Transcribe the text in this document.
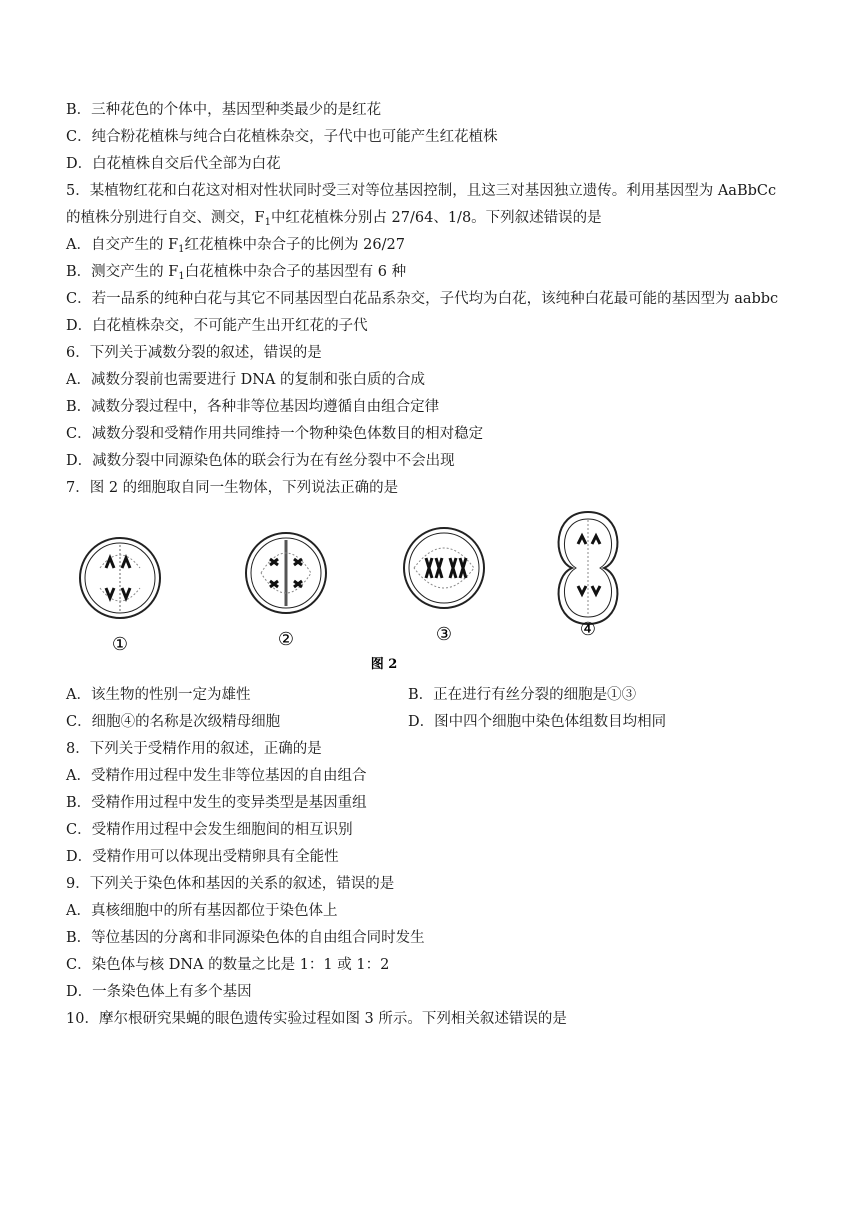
B．三种花色的个体中，基因型种类最少的是红花
C．纯合粉花植株与纯合白花植株杂交，子代中也可能产生红花植株
D．白花植株自交后代全部为白花
5．某植物红花和白花这对相对性状同时受三对等位基因控制，且这三对基因独立遗传。利用基因型为 AaBbCc
的植株分别进行自交、测交，$F_1$中红花植株分别占 27/64、1/8。下列叙述错误的是
A．自交产生的 $F_1$红花植株中杂合子的比例为 26/27
B．测交产生的 $F_1$白花植株中杂合子的基因型有 6 种
C．若一品系的纯种白花与其它不同基因型白花品系杂交，子代均为白花，该纯种白花最可能的基因型为 aabbc
D．白花植株杂交，不可能产生出开红花的子代
6．下列关于减数分裂的叙述，错误的是
A．减数分裂前也需要进行 DNA 的复制和张白质的合成
B．减数分裂过程中，各种非等位基因均遵循自由组合定律
C．减数分裂和受精作用共同维持一个物种染色体数目的相对稳定
D．减数分裂中同源染色体的联会行为在有丝分裂中不会出现
7．图 2 的细胞取自同一生物体，下列说法正确的是
①	②	③	④
图 2
A．该生物的性别一定为雄性	B．正在进行有丝分裂的细胞是①③
C．细胞④的名称是次级精母细胞	D．图中四个细胞中染色体组数目均相同
8．下列关于受精作用的叙述，正确的是
A．受精作用过程中发生非等位基因的自由组合
B．受精作用过程中发生的变异类型是基因重组
C．受精作用过程中会发生细胞间的相互识别
D．受精作用可以体现出受精卵具有全能性
9．下列关于染色体和基因的关系的叙述，错误的是
A．真核细胞中的所有基因都位于染色体上
B．等位基因的分离和非同源染色体的自由组合同时发生
C．染色体与核 DNA 的数量之比是 1：1 或 1：2
D．一条染色体上有多个基因
10．摩尔根研究果蝇的眼色遗传实验过程如图 3 所示。下列相关叙述错误的是
